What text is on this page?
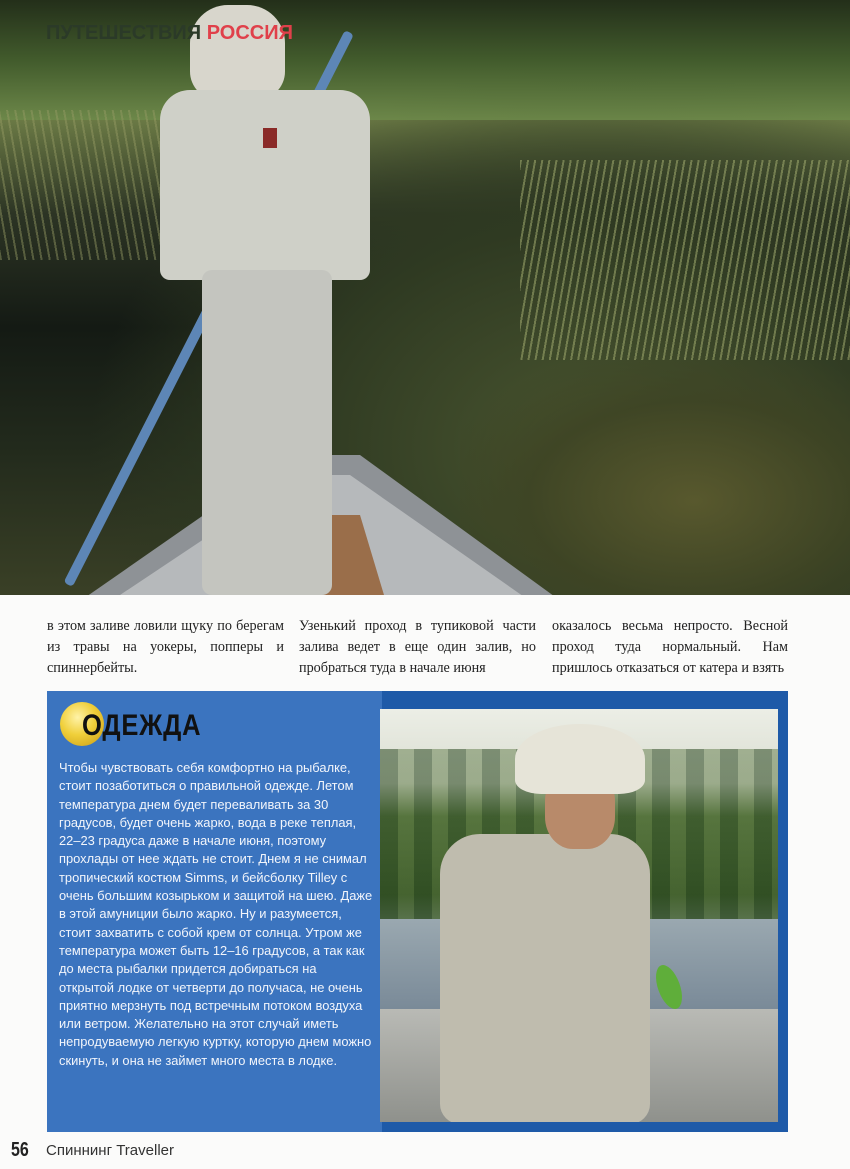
ПУТЕШЕСТВИЯ РОССИЯ
в этом заливе ловили щуку по берегам из травы на уокеры, попперы и спиннербейты.
Узенький проход в тупиковой части залива ведет в еще один залив, но пробраться туда в начале июня
оказалось весьма непросто. Весной проход туда нормальный. Нам пришлось отказаться от катера и взять
ОДЕЖДА
Чтобы чувствовать себя комфортно на рыбалке, стоит позаботиться о правильной одежде. Летом температура днем будет переваливать за 30 градусов, будет очень жарко, вода в реке теплая, 22–23 градуса даже в начале июня, поэтому прохлады от нее ждать не стоит. Днем я не снимал тропический костюм Simms, и бейсболку Tilley с очень большим козырьком и защитой на шею. Даже в этой амуниции было жарко. Ну и разумеется, стоит захватить с собой крем от солнца. Утром же температура может быть 12–16 градусов, а так как до места рыбалки придется добираться на открытой лодке от четверти до получаса, не очень приятно мерзнуть под встречным потоком воздуха или ветром. Желательно на этот случай иметь непродуваемую легкую куртку, которую днем можно скинуть, и она не займет много места в лодке.
56 Спиннинг Traveller
